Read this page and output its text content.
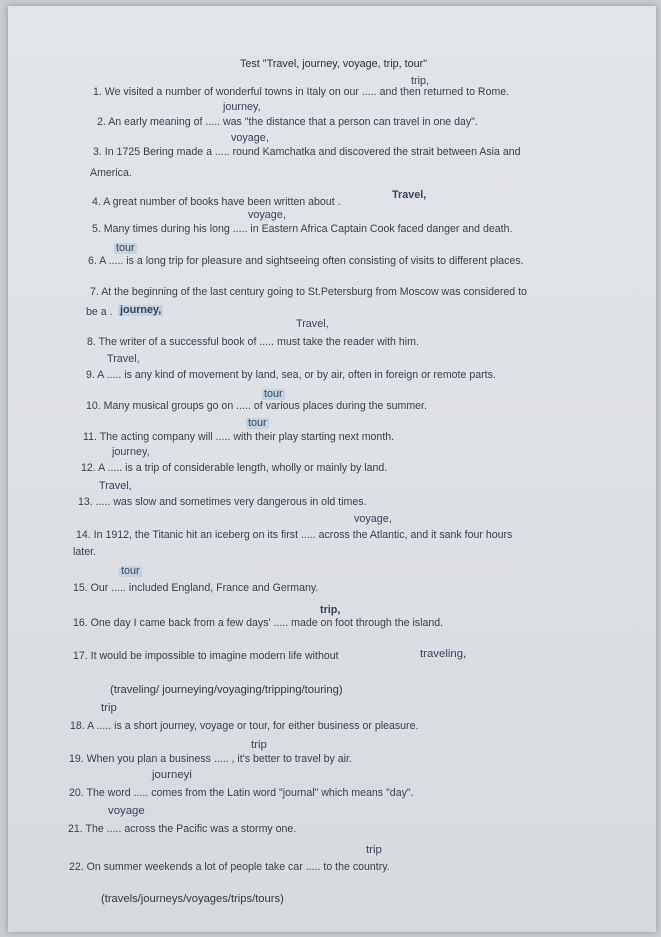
Test "Travel, journey, voyage, trip, tour"
trip,
1. We visited a number of wonderful towns in Italy on our ..... and then returned to Rome.
journey,
2. An early meaning of ..... was "the distance that a person can travel in one day".
voyage,
3. In 1725 Bering made a ..... round Kamchatka and discovered the strait between Asia and
America.
4. A great number of books have been written about .
Travel,
voyage,
5. Many times during his long ..... in Eastern Africa Captain Cook faced danger and death.
tour
6. A ..... is a long trip for pleasure and sightseeing often consisting of visits to different places.
7. At the beginning of the last century going to St.Petersburg from Moscow was considered to
be a . journey,
Travel,
8. The writer of a successful book of ..... must take the reader with him.
Travel,
9. A ..... is any kind of movement by land, sea, or by air, often in foreign or remote parts.
tour
10. Many musical groups go on ..... of various places during the summer.
tour
11. The acting company will ..... with their play starting next month.
journey,
12. A ..... is a trip of considerable length, wholly or mainly by land.
Travel,
13. ..... was slow and sometimes very dangerous in old times.
voyage,
14. In 1912, the Titanic hit an iceberg on its first ..... across the Atlantic, and it sank four hours
later.
tour
15. Our ..... included England, France and Germany.
trip,
16. One day I came back from a few days' ..... made on foot through the island.
17. It would be impossible to imagine modern life without	traveling,
(traveling/ journeying/voyaging/tripping/touring)
trip
18. A ..... is a short journey, voyage or tour, for either business or pleasure.
trip
19. When you plan a business ..... , it's better to travel by air.
journeyi
20. The word ..... comes from the Latin word "journal" which means "day".
voyage
21. The ..... across the Pacific was a stormy one.
trip
22. On summer weekends a lot of people take car ..... to the country.
(travels/journeys/voyages/trips/tours)
